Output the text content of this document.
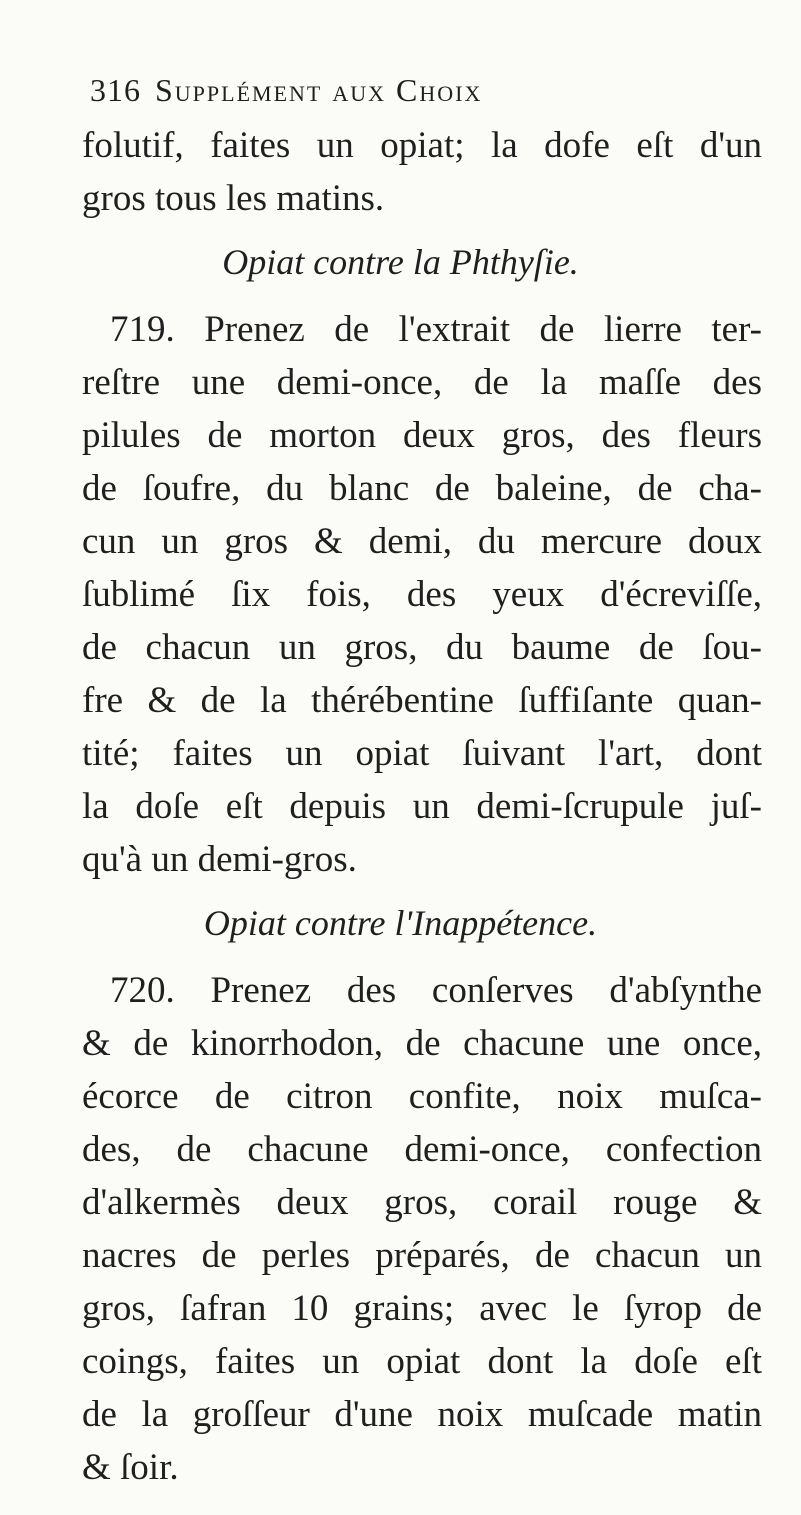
316 Supplément aux Choix
folutif, faites un opiat; la dofe eſt d'un
gros tous les matins.
Opiat contre la Phthyſie.
719. Prenez de l'extrait de lierre ter-
reſtre une demi-once, de la maſſe des
pilules de morton deux gros, des fleurs
de ſoufre, du blanc de baleine, de cha-
cun un gros & demi, du mercure doux
ſublimé ſix fois, des yeux d'écreviſſe,
de chacun un gros, du baume de ſou-
fre & de la thérébentine ſuffiſante quan-
tité; faites un opiat ſuivant l'art, dont
la doſe eſt depuis un demi-ſcrupule juſ-
qu'à un demi-gros.
Opiat contre l'Inappétence.
720. Prenez des conſerves d'abſynthe
& de kinorrhodon, de chacune une once,
écorce de citron confite, noix muſca-
des, de chacune demi-once, confection
d'alkermès deux gros, corail rouge &
nacres de perles préparés, de chacun un
gros, ſafran 10 grains; avec le ſyrop de
coings, faites un opiat dont la doſe eſt
de la groſſeur d'une noix muſcade matin
& ſoir.
